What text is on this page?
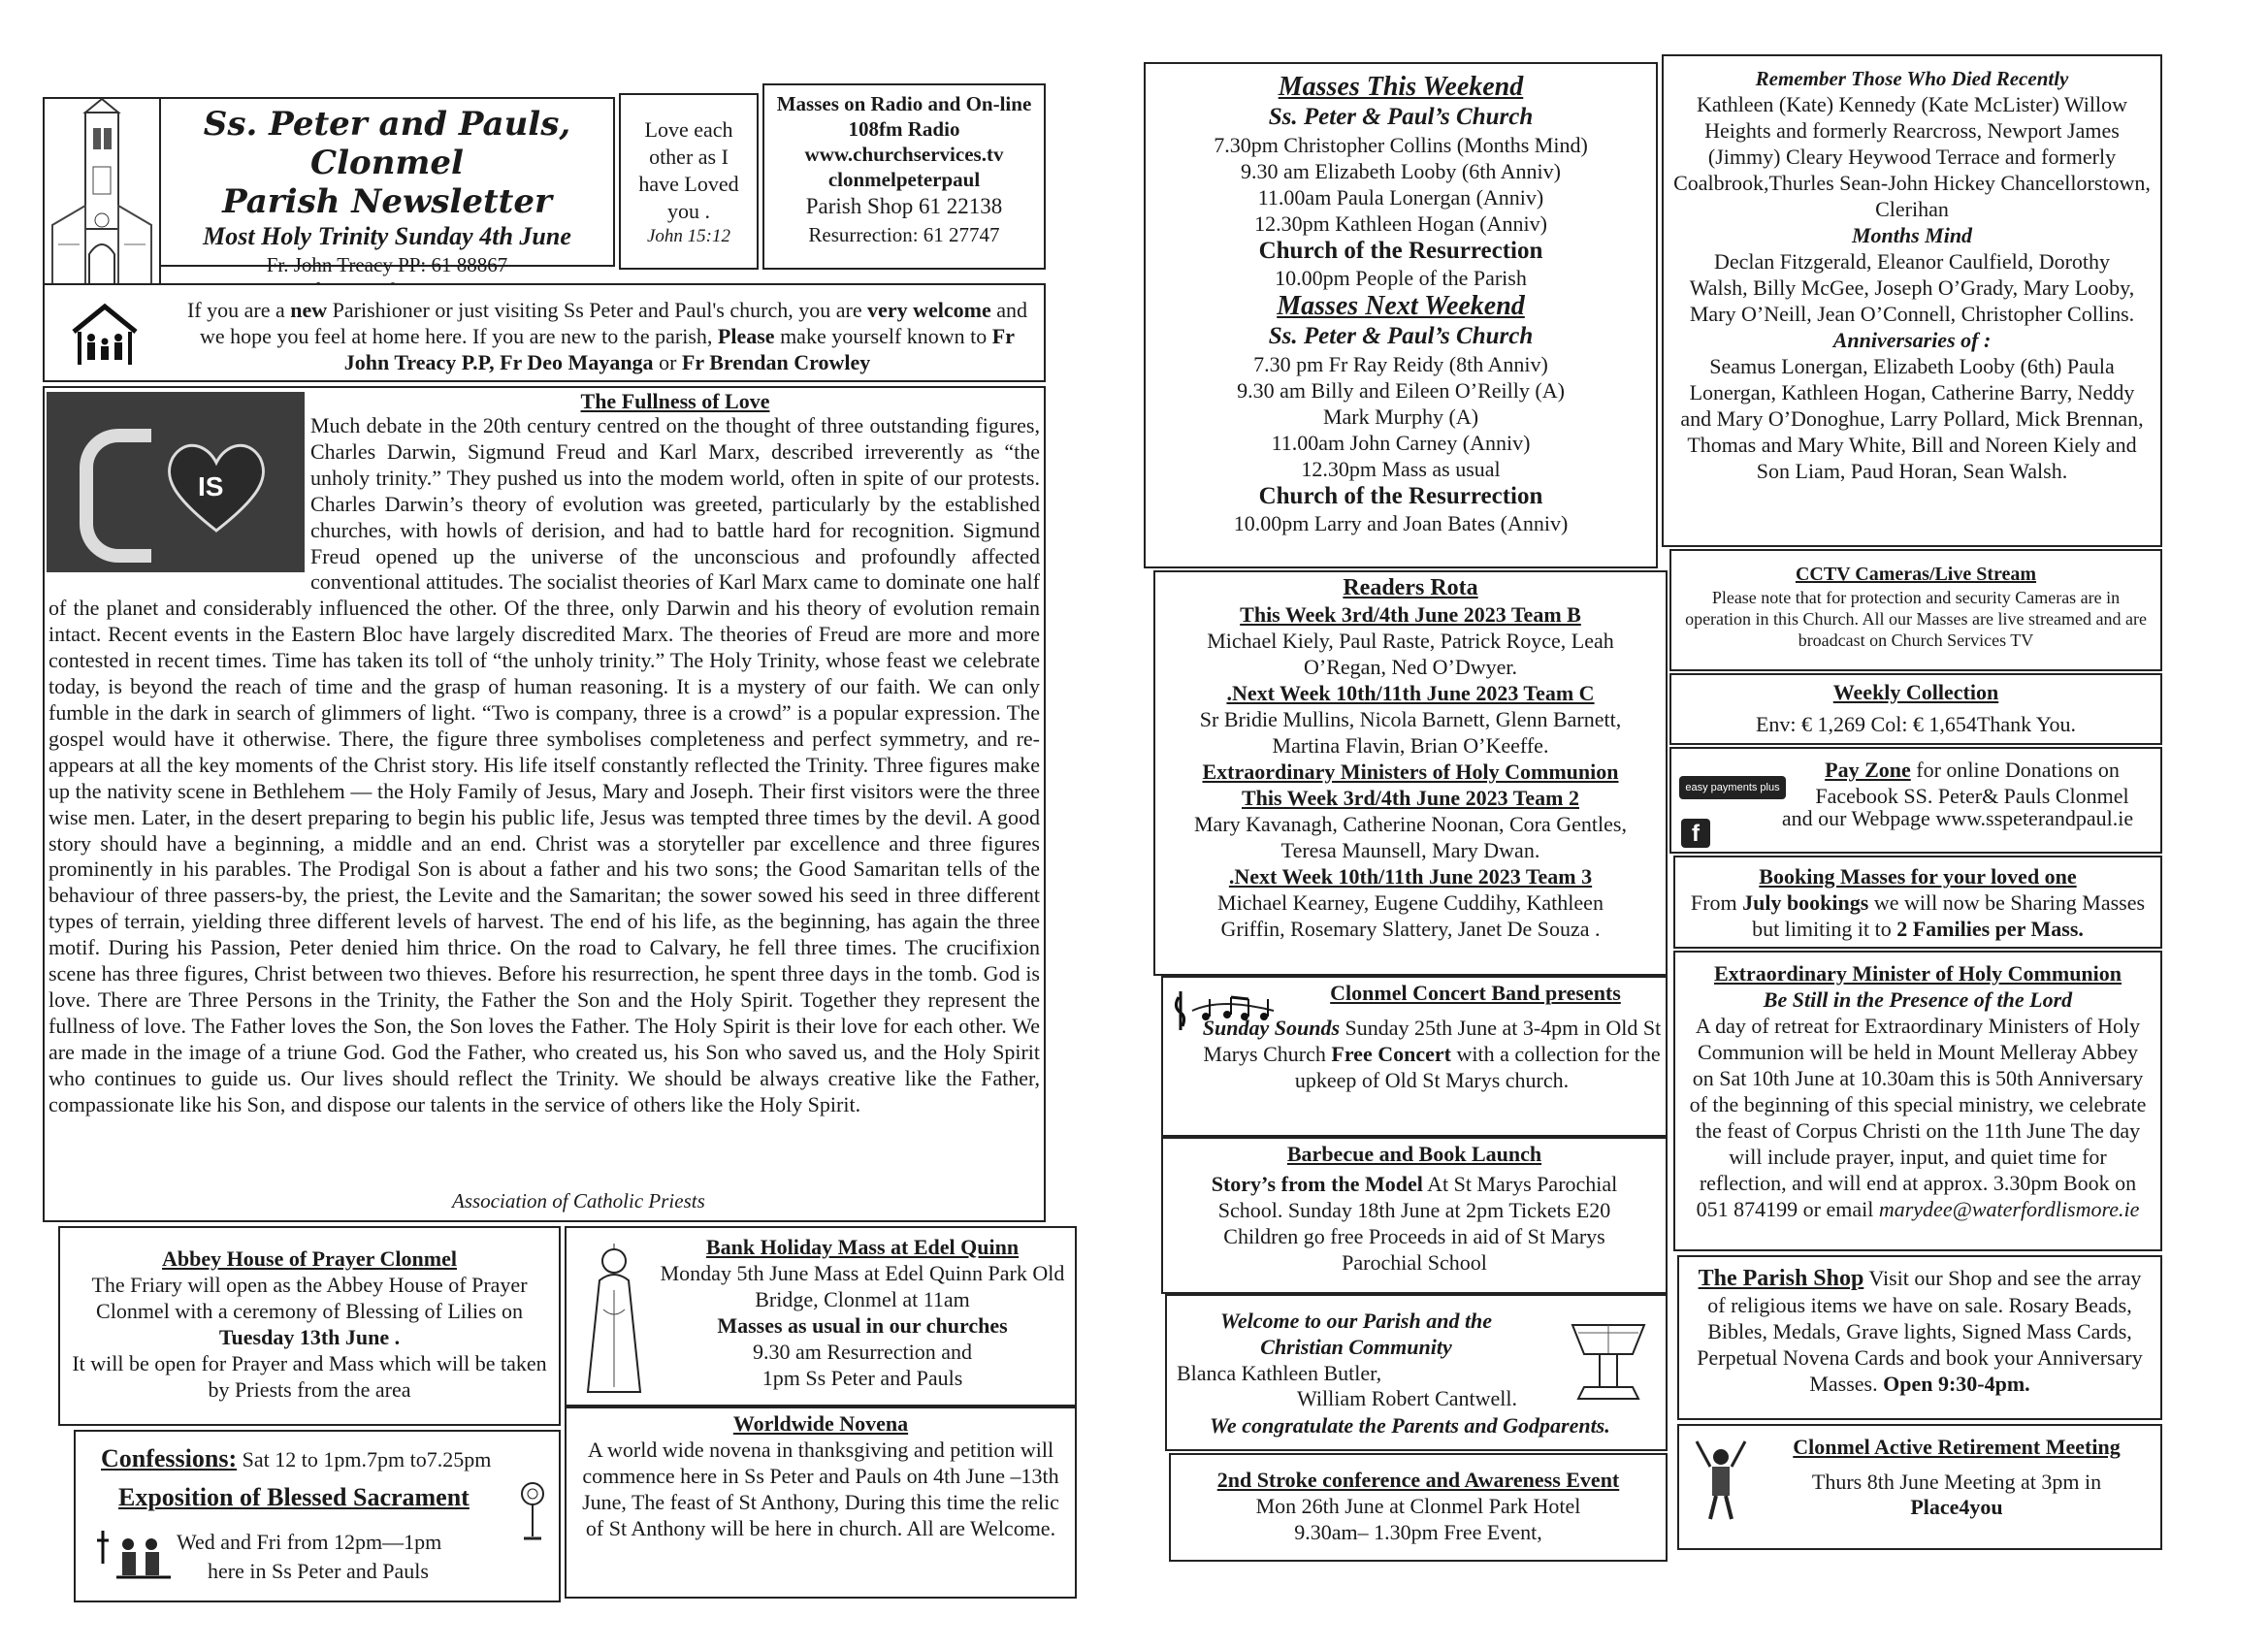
Ss. Peter and Pauls, Clonmel

Parish Newsletter

Most Holy Trinity Sunday 4th June

Fr. John Treacy PP: 61 88867

Love each other as I have Loved you .

John 15:12

Masses on Radio and On-line 108fm Radio

www.churchservices.tv

clonmelpeterpaul

Parish Shop 61 22138

Resurrection: 61 27747

If you are a new Parishioner or just visiting Ss Peter and Paul's church, you are very welcome and we hope you feel at home here. If you are new to the parish, Please make yourself known to Fr John Treacy P.P, Fr Deo Mayanga or Fr Brendan Crowley

IS

The Fullness of Love

Much debate in the 20th century centred on the thought of three outstanding figures, Charles Darwin, Sigmund Freud and Karl Marx, described irreverently as “the unholy trinity.” They pushed us into the modem world, often in spite of our protests. Charles Darwin’s theory of evolution was greeted, particularly by the established churches, with howls of derision, and had to battle hard for recognition. Sigmund Freud opened up the universe of the unconscious and profoundly affected conventional attitudes. The socialist theories of Karl Marx came to dominate one half of the planet and considerably influenced the other. Of the three, only Darwin and his theory of evolution remain intact. Recent events in the Eastern Bloc have largely discredited Marx. The theories of Freud are more and more contested in recent times. Time has taken its toll of “the unholy trinity.” The Holy Trinity, whose feast we celebrate today, is beyond the reach of time and the grasp of human reasoning. It is a mystery of our faith. We can only fumble in the dark in search of glimmers of light. “Two is company, three is a crowd” is a popular expression. The gospel would have it otherwise. There, the figure three symbolises completeness and perfect symmetry, and re-appears at all the key moments of the Christ story. His life itself constantly reflected the Trinity. Three figures make up the nativity scene in Bethlehem — the Holy Family of Jesus, Mary and Joseph. Their first visitors were the three wise men. Later, in the desert preparing to begin his public life, Jesus was tempted three times by the devil. A good story should have a beginning, a middle and an end. Christ was a storyteller par excellence and three figures prominently in his parables. The Prodigal Son is about a father and his two sons; the Good Samaritan tells of the behaviour of three passers-by, the priest, the Levite and the Samaritan; the sower sowed his seed in three different types of terrain, yielding three different levels of harvest. The end of his life, as the beginning, has again the three motif. During his Passion, Peter denied him thrice. On the road to Calvary, he fell three times. The crucifixion scene has three figures, Christ between two thieves. Before his resurrection, he spent three days in the tomb. God is love. There are Three Persons in the Trinity, the Father the Son and the Holy Spirit. Together they represent the fullness of love. The Father loves the Son, the Son loves the Father. The Holy Spirit is their love for each other. We are made in the image of a triune God. God the Father, who created us, his Son who saved us, and the Holy Spirit who continues to guide us. Our lives should reflect the Trinity. We should be always creative like the Father, compassionate like his Son, and dispose our talents in the service of others like the Holy Spirit.

Association of Catholic Priests

Abbey House of Prayer Clonmel

The Friary will open as the Abbey House of Prayer Clonmel with a ceremony of Blessing of Lilies on Tuesday 13th June .

It will be open for Prayer and Mass which will be taken by Priests from the area

Bank Holiday Mass at Edel Quinn

Monday 5th June Mass at Edel Quinn Park Old Bridge, Clonmel at 11am

Masses as usual in our churches

9.30 am Resurrection and

1pm Ss Peter and Pauls

Confessions: Sat 12 to 1pm.7pm to7.25pm

Exposition of Blessed Sacrament

Wed and Fri from 12pm—1pm

here in Ss Peter and Pauls

Worldwide Novena

A world wide novena in thanksgiving and petition will commence here in Ss Peter and Pauls on 4th June –13th June, The feast of St Anthony, During this time the relic of St Anthony will be here in church. All are Welcome.

Masses This Weekend

Ss. Peter & Paul’s Church

7.30pm Christopher Collins (Months Mind)

9.30 am Elizabeth Looby (6th Anniv)

11.00am Paula Lonergan (Anniv)

12.30pm Kathleen Hogan (Anniv)

Church of the Resurrection

10.00pm People of the Parish

Masses Next Weekend

Ss. Peter & Paul’s Church

7.30 pm Fr Ray Reidy (8th Anniv)

9.30 am Billy and Eileen O’Reilly (A)

Mark Murphy (A)

11.00am John Carney (Anniv)

12.30pm Mass as usual

Church of the Resurrection

10.00pm Larry and Joan Bates (Anniv)

Readers Rota

This Week 3rd/4th June 2023 Team B

Michael Kiely, Paul Raste, Patrick Royce, Leah O’Regan, Ned O’Dwyer.

.Next Week 10th/11th June 2023 Team C

Sr Bridie Mullins, Nicola Barnett, Glenn Barnett, Martina Flavin, Brian O’Keeffe.

Extraordinary Ministers of Holy Communion

This Week 3rd/4th June 2023 Team 2

Mary Kavanagh, Catherine Noonan, Cora Gentles, Teresa Maunsell, Mary Dwan.

.Next Week 10th/11th June 2023 Team 3

Michael Kearney, Eugene Cuddihy, Kathleen Griffin, Rosemary Slattery, Janet De Souza .

Clonmel Concert Band presents

Sunday Sounds Sunday 25th June at 3-4pm in Old St Marys Church Free Concert with a collection for the upkeep of Old St Marys church.

Barbecue and Book Launch

Story’s from the Model At St Marys Parochial School. Sunday 18th June at 2pm Tickets E20 Children go free Proceeds in aid of St Marys Parochial School

Welcome to our Parish and the Christian Community

Blanca Kathleen Butler,

William Robert Cantwell.

We congratulate the Parents and Godparents.

2nd Stroke conference and Awareness Event

Mon 26th June at Clonmel Park Hotel

9.30am– 1.30pm Free Event,

Remember Those Who Died Recently

Kathleen (Kate) Kennedy (Kate McLister) Willow Heights and formerly Rearcross, Newport James (Jimmy) Cleary Heywood Terrace and formerly Coalbrook,Thurles Sean-John Hickey Chancellorstown, Clerihan

Months Mind

Declan Fitzgerald, Eleanor Caulfield, Dorothy Walsh, Billy McGee, Joseph O’Grady, Mary Looby, Mary O’Neill, Jean O’Connell, Christopher Collins.

Anniversaries of :

Seamus Lonergan, Elizabeth Looby (6th) Paula Lonergan, Kathleen Hogan, Catherine Barry, Neddy and Mary O’Donoghue, Larry Pollard, Mick Brennan, Thomas and Mary White, Bill and Noreen Kiely and Son Liam, Paud Horan, Sean Walsh.

CCTV Cameras/Live Stream

Please note that for protection and security Cameras are in operation in this Church. All our Masses are live streamed and are broadcast on Church Services TV

Weekly Collection

Env: € 1,269 Col: € 1,654Thank You.

easy payments plus
f

Pay Zone for online Donations on Facebook SS. Peter& Pauls Clonmel

and our Webpage www.sspeterandpaul.ie

Booking Masses for your loved one

From July bookings we will now be Sharing Masses but limiting it to 2 Families per Mass.

Extraordinary Minister of Holy Communion

Be Still in the Presence of the Lord

A day of retreat for Extraordinary Ministers of Holy Communion will be held in Mount Melleray Abbey on Sat 10th June at 10.30am this is 50th Anniversary of the beginning of this special ministry, we celebrate the feast of Corpus Christi on the 11th June The day will include prayer, input, and quiet time for reflection, and will end at approx. 3.30pm Book on 051 874199 or email marydee@waterfordlismore.ie

The Parish Shop Visit our Shop and see the array of religious items we have on sale. Rosary Beads, Bibles, Medals, Grave lights, Signed Mass Cards, Perpetual Novena Cards and book your Anniversary Masses. Open 9:30-4pm.

Clonmel Active Retirement Meeting

Thurs 8th June Meeting at 3pm in

Place4you
